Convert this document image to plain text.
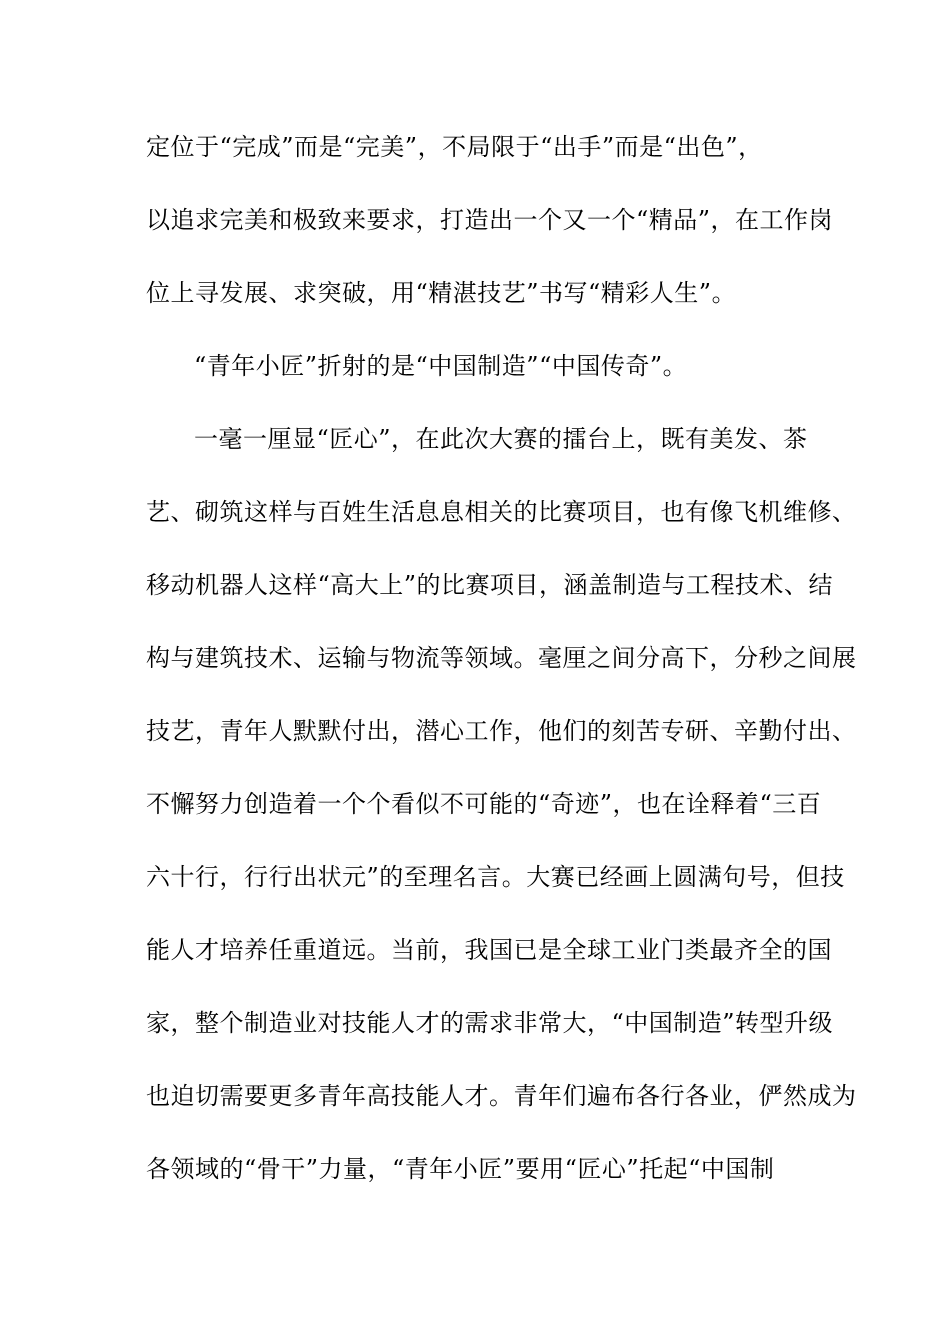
定位于“完成”而是“完美”，不局限于“出手”而是“出色”，
以追求完美和极致来要求，打造出一个又一个“精品”，在工作岗
位上寻发展、求突破，用“精湛技艺”书写“精彩人生”。
“青年小匠”折射的是“中国制造”“中国传奇”。
一毫一厘显“匠心”，在此次大赛的擂台上，既有美发、茶
艺、砌筑这样与百姓生活息息相关的比赛项目，也有像飞机维修、
移动机器人这样“高大上”的比赛项目，涵盖制造与工程技术、结
构与建筑技术、运输与物流等领域。毫厘之间分高下，分秒之间展
技艺，青年人默默付出，潜心工作，他们的刻苦专研、辛勤付出、
不懈努力创造着一个个看似不可能的“奇迹”，也在诠释着“三百
六十行，行行出状元”的至理名言。大赛已经画上圆满句号，但技
能人才培养任重道远。当前，我国已是全球工业门类最齐全的国
家，整个制造业对技能人才的需求非常大，“中国制造”转型升级
也迫切需要更多青年高技能人才。青年们遍布各行各业，俨然成为
各领域的“骨干”力量，“青年小匠”要用“匠心”托起“中国制
